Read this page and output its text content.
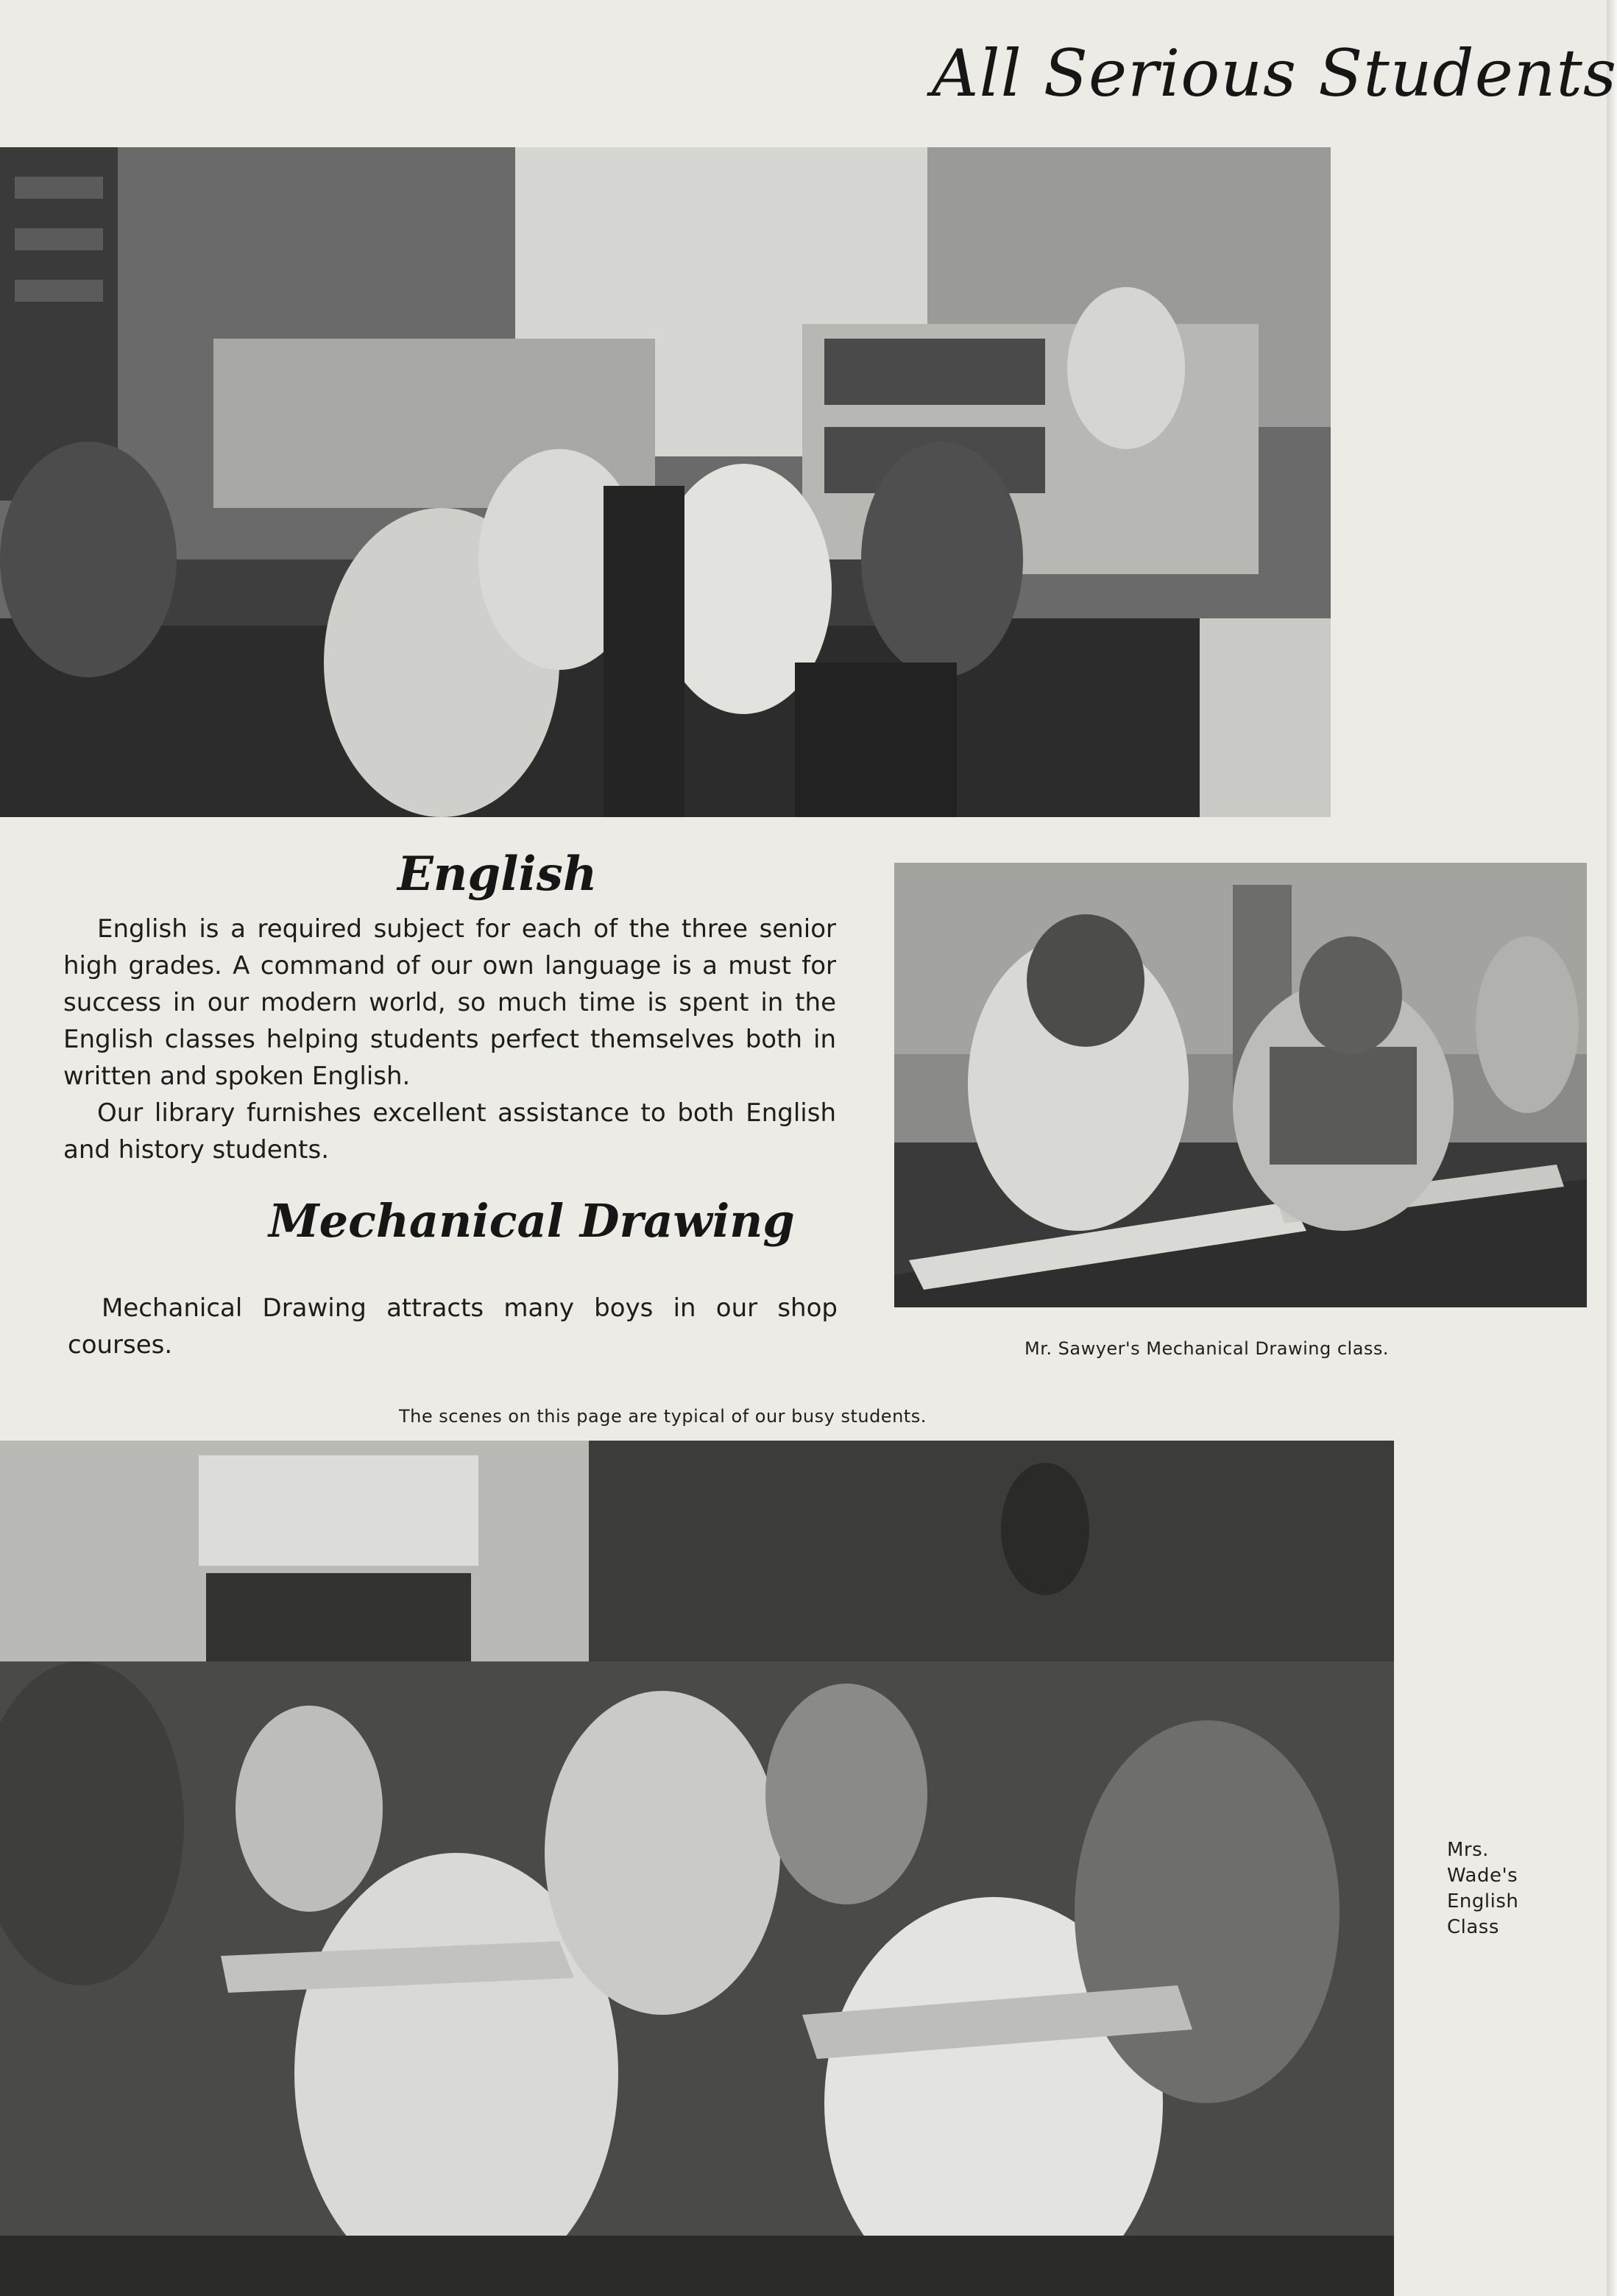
All Serious Students
English
English is a required subject for each of the three senior high grades. A command of our own language is a must for success in our modern world, so much time is spent in the English classes helping students perfect themselves both in written and spoken English.
Our library furnishes excellent assistance to both English and history students.
Mechanical Drawing
Mechanical Drawing attracts many boys in our shop courses.	Mr. Sawyer's Mechanical Drawing class.
The scenes on this page are typical of our busy students.
Mrs. Wade's English Class
